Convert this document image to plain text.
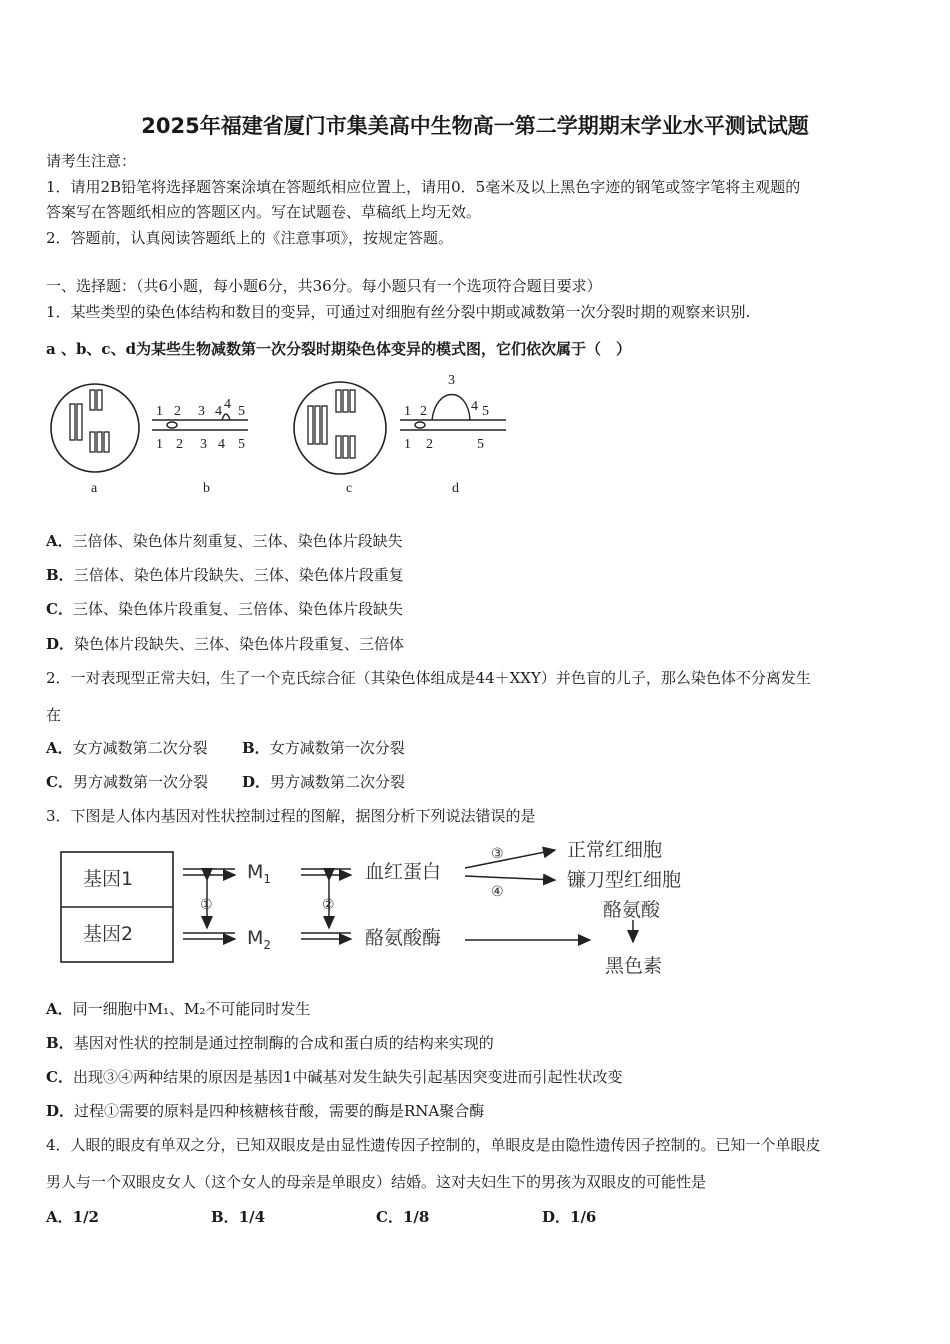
2025年福建省厦门市集美高中生物高一第二学期期末学业水平测试试题
请考生注意：
1．请用2B铅笔将选择题答案涂填在答题纸相应位置上，请用0．5毫米及以上黑色字迹的钢笔或签字笔将主观题的
答案写在答题纸相应的答题区内。写在试题卷、草稿纸上均无效。
2．答题前，认真阅读答题纸上的《注意事项》，按规定答题。
一、选择题：（共6小题，每小题6分，共36分。每小题只有一个选项符合题目要求）
1．某些类型的染色体结构和数目的变异，可通过对细胞有丝分裂中期或减数第一次分裂时期的观察来识别.
a 、b、c、d为某些生物减数第一次分裂时期染色体变异的模式图，它们依次属于（　）
1 2 3 4 4 5
1 2 3 4 5
1 2
3
4 5
1 2	5
a	b	c	d
A．三倍体、染色体片刻重复、三体、染色体片段缺失
B．三倍体、染色体片段缺失、三体、染色体片段重复
C．三体、染色体片段重复、三倍体、染色体片段缺失
D．染色体片段缺失、三体、染色体片段重复、三倍体
2．一对表现型正常夫妇，生了一个克氏综合征（其染色体组成是44＋XXY）并色盲的儿子，那么染色体不分离发生
在
A．女方减数第二次分裂 B．女方减数第一次分裂
C．男方减数第一次分裂 D．男方减数第二次分裂
3．下图是人体内基因对性状控制过程的图解，据图分析下列说法错误的是
基因1
基因2
$M_1$
$M_2$
①	②
血红蛋白
酪氨酸酶
③
④
正常红细胞
镰刀型红细胞
酪氨酸
黑色素
A．同一细胞中M₁、M₂不可能同时发生
B．基因对性状的控制是通过控制酶的合成和蛋白质的结构来实现的
C．出现③④两种结果的原因是基因1中碱基对发生缺失引起基因突变进而引起性状改变
D．过程①需要的原料是四种核糖核苷酸，需要的酶是RNA聚合酶
4．人眼的眼皮有单双之分，已知双眼皮是由显性遗传因子控制的，单眼皮是由隐性遗传因子控制的。已知一个单眼皮
男人与一个双眼皮女人（这个女人的母亲是单眼皮）结婚。这对夫妇生下的男孩为双眼皮的可能性是
A．1/2	B．1/4	C．1/8	D．1/6
